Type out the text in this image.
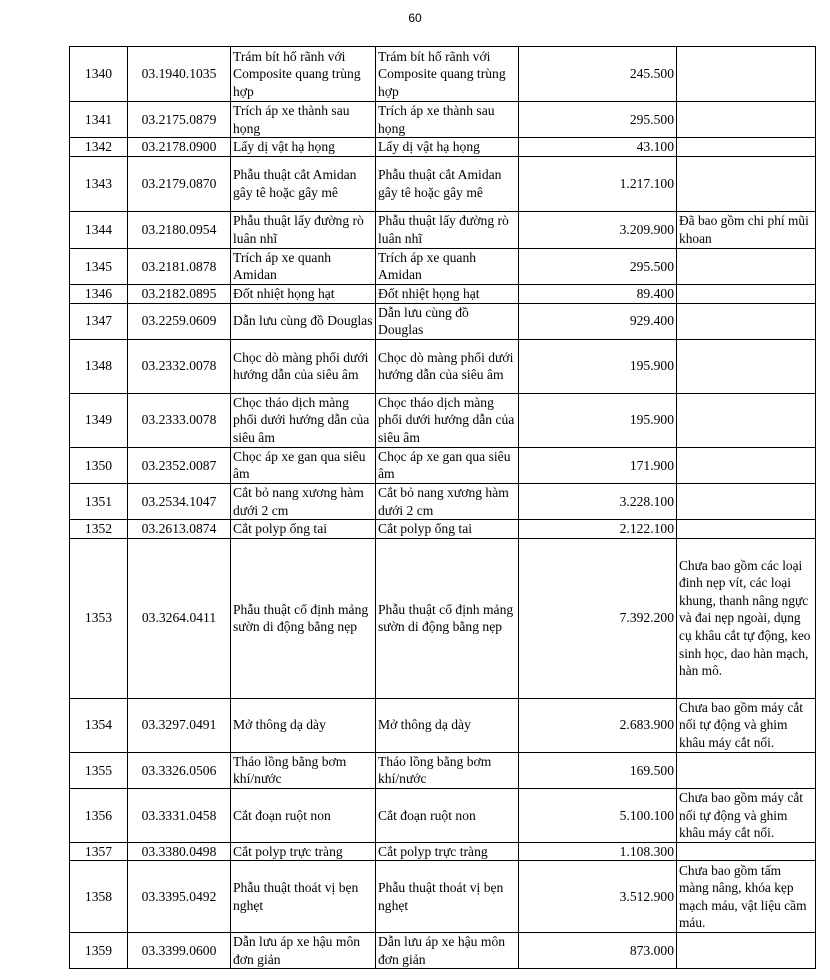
60
1340	03.1940.1035	Trám bít hố rãnh với Composite quang trùng hợp	Trám bít hố rãnh với Composite quang trùng hợp	245.500	
1341	03.2175.0879	Trích áp xe thành sau họng	Trích áp xe thành sau họng	295.500	
1342	03.2178.0900	Lấy dị vật hạ họng	Lấy dị vật hạ họng	43.100	
1343	03.2179.0870	Phẫu thuật cắt Amidan gây tê hoặc gây mê	Phẫu thuật cắt Amidan gây tê hoặc gây mê	1.217.100	
1344	03.2180.0954	Phẫu thuật lấy đường rò luân nhĩ	Phẫu thuật lấy đường rò luân nhĩ	3.209.900	Đã bao gồm chi phí mũi khoan
1345	03.2181.0878	Trích áp xe quanh Amidan	Trích áp xe quanh Amidan	295.500	
1346	03.2182.0895	Đốt nhiệt họng hạt	Đốt nhiệt họng hạt	89.400	
1347	03.2259.0609	Dẫn lưu cùng đồ Douglas	Dẫn lưu cùng đồ Douglas	929.400	
1348	03.2332.0078	Chọc dò màng phổi dưới hướng dẫn của siêu âm	Chọc dò màng phổi dưới hướng dẫn của siêu âm	195.900	
1349	03.2333.0078	Chọc tháo dịch màng phổi dưới hướng dẫn của siêu âm	Chọc tháo dịch màng phổi dưới hướng dẫn của siêu âm	195.900	
1350	03.2352.0087	Chọc áp xe gan qua siêu âm	Chọc áp xe gan qua siêu âm	171.900	
1351	03.2534.1047	Cắt bỏ nang xương hàm dưới 2 cm	Cắt bỏ nang xương hàm dưới 2 cm	3.228.100	
1352	03.2613.0874	Cắt polyp ống tai	Cắt polyp ống tai	2.122.100	
1353	03.3264.0411	Phẫu thuật cố định mảng sườn di động bằng nẹp	Phẫu thuật cố định mảng sườn di động bằng nẹp	7.392.200	Chưa bao gồm các loại đinh nẹp vít, các loại khung, thanh nâng ngực và đai nẹp ngoài, dụng cụ khâu cắt tự động, keo sinh học, dao hàn mạch, hàn mô.
1354	03.3297.0491	Mở thông dạ dày	Mở thông dạ dày	2.683.900	Chưa bao gồm máy cắt nối tự động và ghim khâu máy cắt nối.
1355	03.3326.0506	Tháo lồng bằng bơm khí/nước	Tháo lồng bằng bơm khí/nước	169.500	
1356	03.3331.0458	Cắt đoạn ruột non	Cắt đoạn ruột non	5.100.100	Chưa bao gồm máy cắt nối tự động và ghim khâu máy cắt nối.
1357	03.3380.0498	Cắt polyp trực tràng	Cắt polyp trực tràng	1.108.300	
1358	03.3395.0492	Phẫu thuật thoát vị bẹn nghẹt	Phẫu thuật thoát vị bẹn nghẹt	3.512.900	Chưa bao gồm tấm màng nâng, khóa kẹp mạch máu, vật liệu cầm máu.
1359	03.3399.0600	Dẫn lưu áp xe hậu môn đơn giản	Dẫn lưu áp xe hậu môn đơn giản	873.000	
